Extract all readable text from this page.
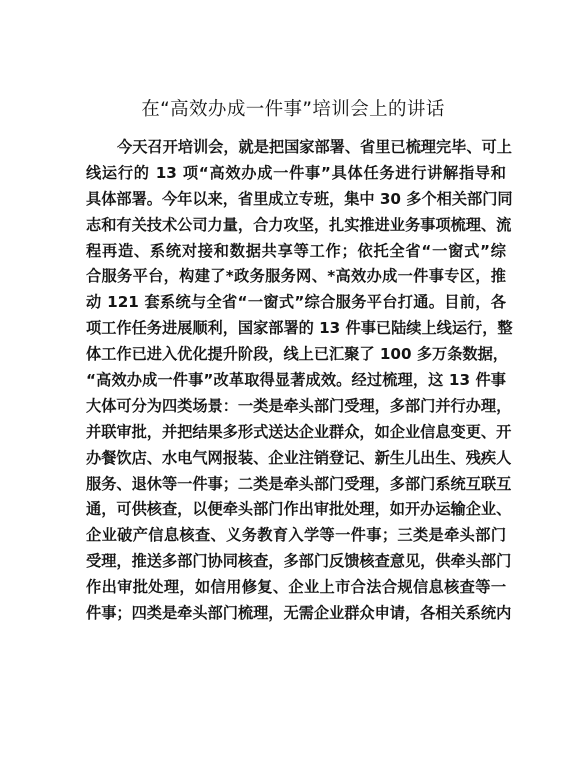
在“高效办成一件事”培训会上的讲话
今天召开培训会，就是把国家部署、省里已梳理完毕、可上
线运行的 13 项“高效办成一件事”具体任务进行讲解指导和
具体部署。今年以来，省里成立专班，集中 30 多个相关部门同
志和有关技术公司力量，合力攻坚，扎实推进业务事项梳理、流
程再造、系统对接和数据共享等工作；依托全省“一窗式”综
合服务平台，构建了*政务服务网、*高效办成一件事专区，推
动 121 套系统与全省“一窗式”综合服务平台打通。目前，各
项工作任务进展顺利，国家部署的 13 件事已陆续上线运行，整
体工作已进入优化提升阶段，线上已汇聚了 100 多万条数据，
“高效办成一件事”改革取得显著成效。经过梳理，这 13 件事
大体可分为四类场景：一类是牵头部门受理，多部门并行办理，
并联审批，并把结果多形式送达企业群众，如企业信息变更、开
办餐饮店、水电气网报装、企业注销登记、新生儿出生、残疾人
服务、退休等一件事；二类是牵头部门受理，多部门系统互联互
通，可供核查，以便牵头部门作出审批处理，如开办运输企业、
企业破产信息核查、义务教育入学等一件事；三类是牵头部门
受理，推送多部门协同核查，多部门反馈核查意见，供牵头部门
作出审批处理，如信用修复、企业上市合法合规信息核查等一
件事；四类是牵头部门梳理，无需企业群众申请，各相关系统内
